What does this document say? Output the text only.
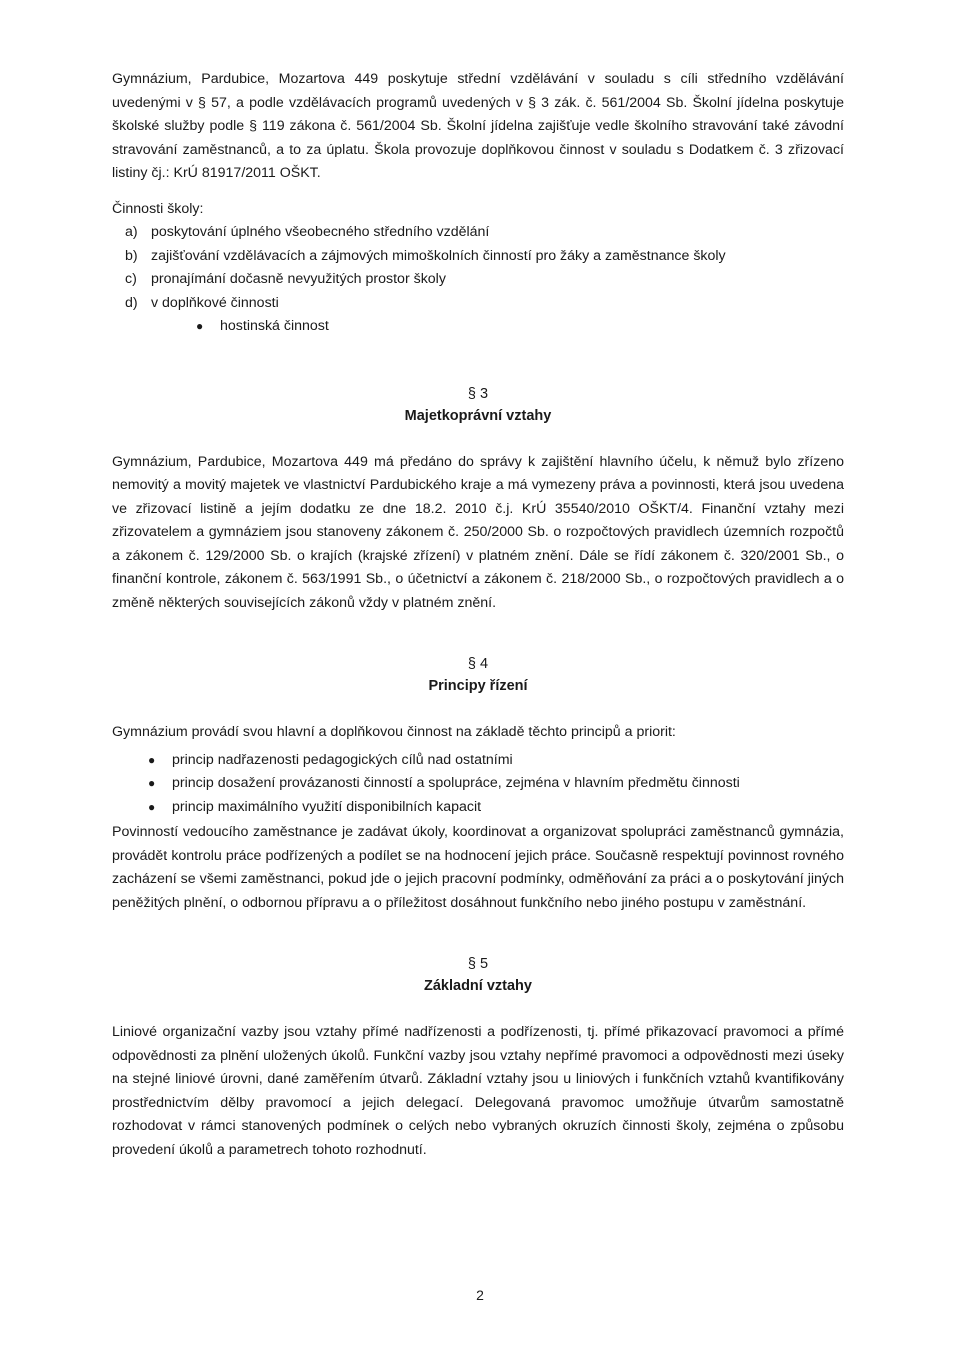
Gymnázium, Pardubice, Mozartova 449 poskytuje střední vzdělávání v souladu s cíli středního vzdělávání uvedenými v § 57, a podle vzdělávacích programů uvedených v § 3 zák. č. 561/2004 Sb. Školní jídelna poskytuje školské služby podle § 119 zákona č. 561/2004 Sb. Školní jídelna zajišťuje vedle školního stravování také závodní stravování zaměstnanců, a to za úplatu. Škola provozuje doplňkovou činnost v souladu s Dodatkem č. 3 zřizovací listiny čj.: KrÚ 81917/2011 OŠKT.

Činnosti školy:
a) poskytování úplného všeobecného středního vzdělání
b) zajišťování vzdělávacích a zájmových mimoškolních činností pro žáky a zaměstnance školy
c) pronajímání dočasně nevyužitých prostor školy
d) v doplňkové činnosti
●	hostinská činnost
§ 3
Majetkoprávní vztahy

Gymnázium, Pardubice, Mozartova 449 má předáno do správy k zajištění hlavního účelu, k němuž bylo zřízeno nemovitý a movitý majetek ve vlastnictví Pardubického kraje a má vymezeny práva a povinnosti, která jsou uvedena ve zřizovací listině a jejím dodatku ze dne 18.2. 2010 č.j. KrÚ 35540/2010 OŠKT/4. Finanční vztahy mezi zřizovatelem a gymnáziem jsou stanoveny zákonem č. 250/2000 Sb. o rozpočtových pravidlech územních rozpočtů a zákonem č. 129/2000 Sb. o krajích (krajské zřízení) v platném znění. Dále se řídí zákonem č. 320/2001 Sb., o finanční kontrole, zákonem č. 563/1991 Sb., o účetnictví a zákonem č. 218/2000 Sb., o rozpočtových pravidlech a o změně některých souvisejících zákonů vždy v platném znění.

§ 4
Principy řízení

Gymnázium provádí svou hlavní a doplňkovou činnost na základě těchto principů a priorit:

●	princip nadřazenosti pedagogických cílů nad ostatními
●	princip dosažení provázanosti činností a spolupráce, zejména v hlavním předmětu činnosti
●	princip maximálního využití disponibilních kapacit

Povinností vedoucího zaměstnance je zadávat úkoly, koordinovat a organizovat spolupráci zaměstnanců gymnázia, provádět kontrolu práce podřízených a podílet se na hodnocení jejich práce. Současně respektují povinnost rovného zacházení se všemi zaměstnanci, pokud jde o jejich pracovní podmínky, odměňování za práci a o poskytování jiných peněžitých plnění, o odbornou přípravu a o příležitost dosáhnout funkčního nebo jiného postupu v zaměstnání.

§ 5
Základní vztahy

Liniové organizační vazby jsou vztahy přímé nadřízenosti a podřízenosti, tj. přímé přikazovací pravomoci a přímé odpovědnosti za plnění uložených úkolů. Funkční vazby jsou vztahy nepřímé pravomoci a odpovědnosti mezi úseky na stejné liniové úrovni, dané zaměřením útvarů. Základní vztahy jsou u liniových i funkčních vztahů kvantifikovány prostřednictvím dělby pravomocí a jejich delegací. Delegovaná pravomoc umožňuje útvarům samostatně rozhodovat v rámci stanovených podmínek o celých nebo vybraných okruzích činnosti školy, zejména o způsobu provedení úkolů a parametrech tohoto rozhodnutí.

2
